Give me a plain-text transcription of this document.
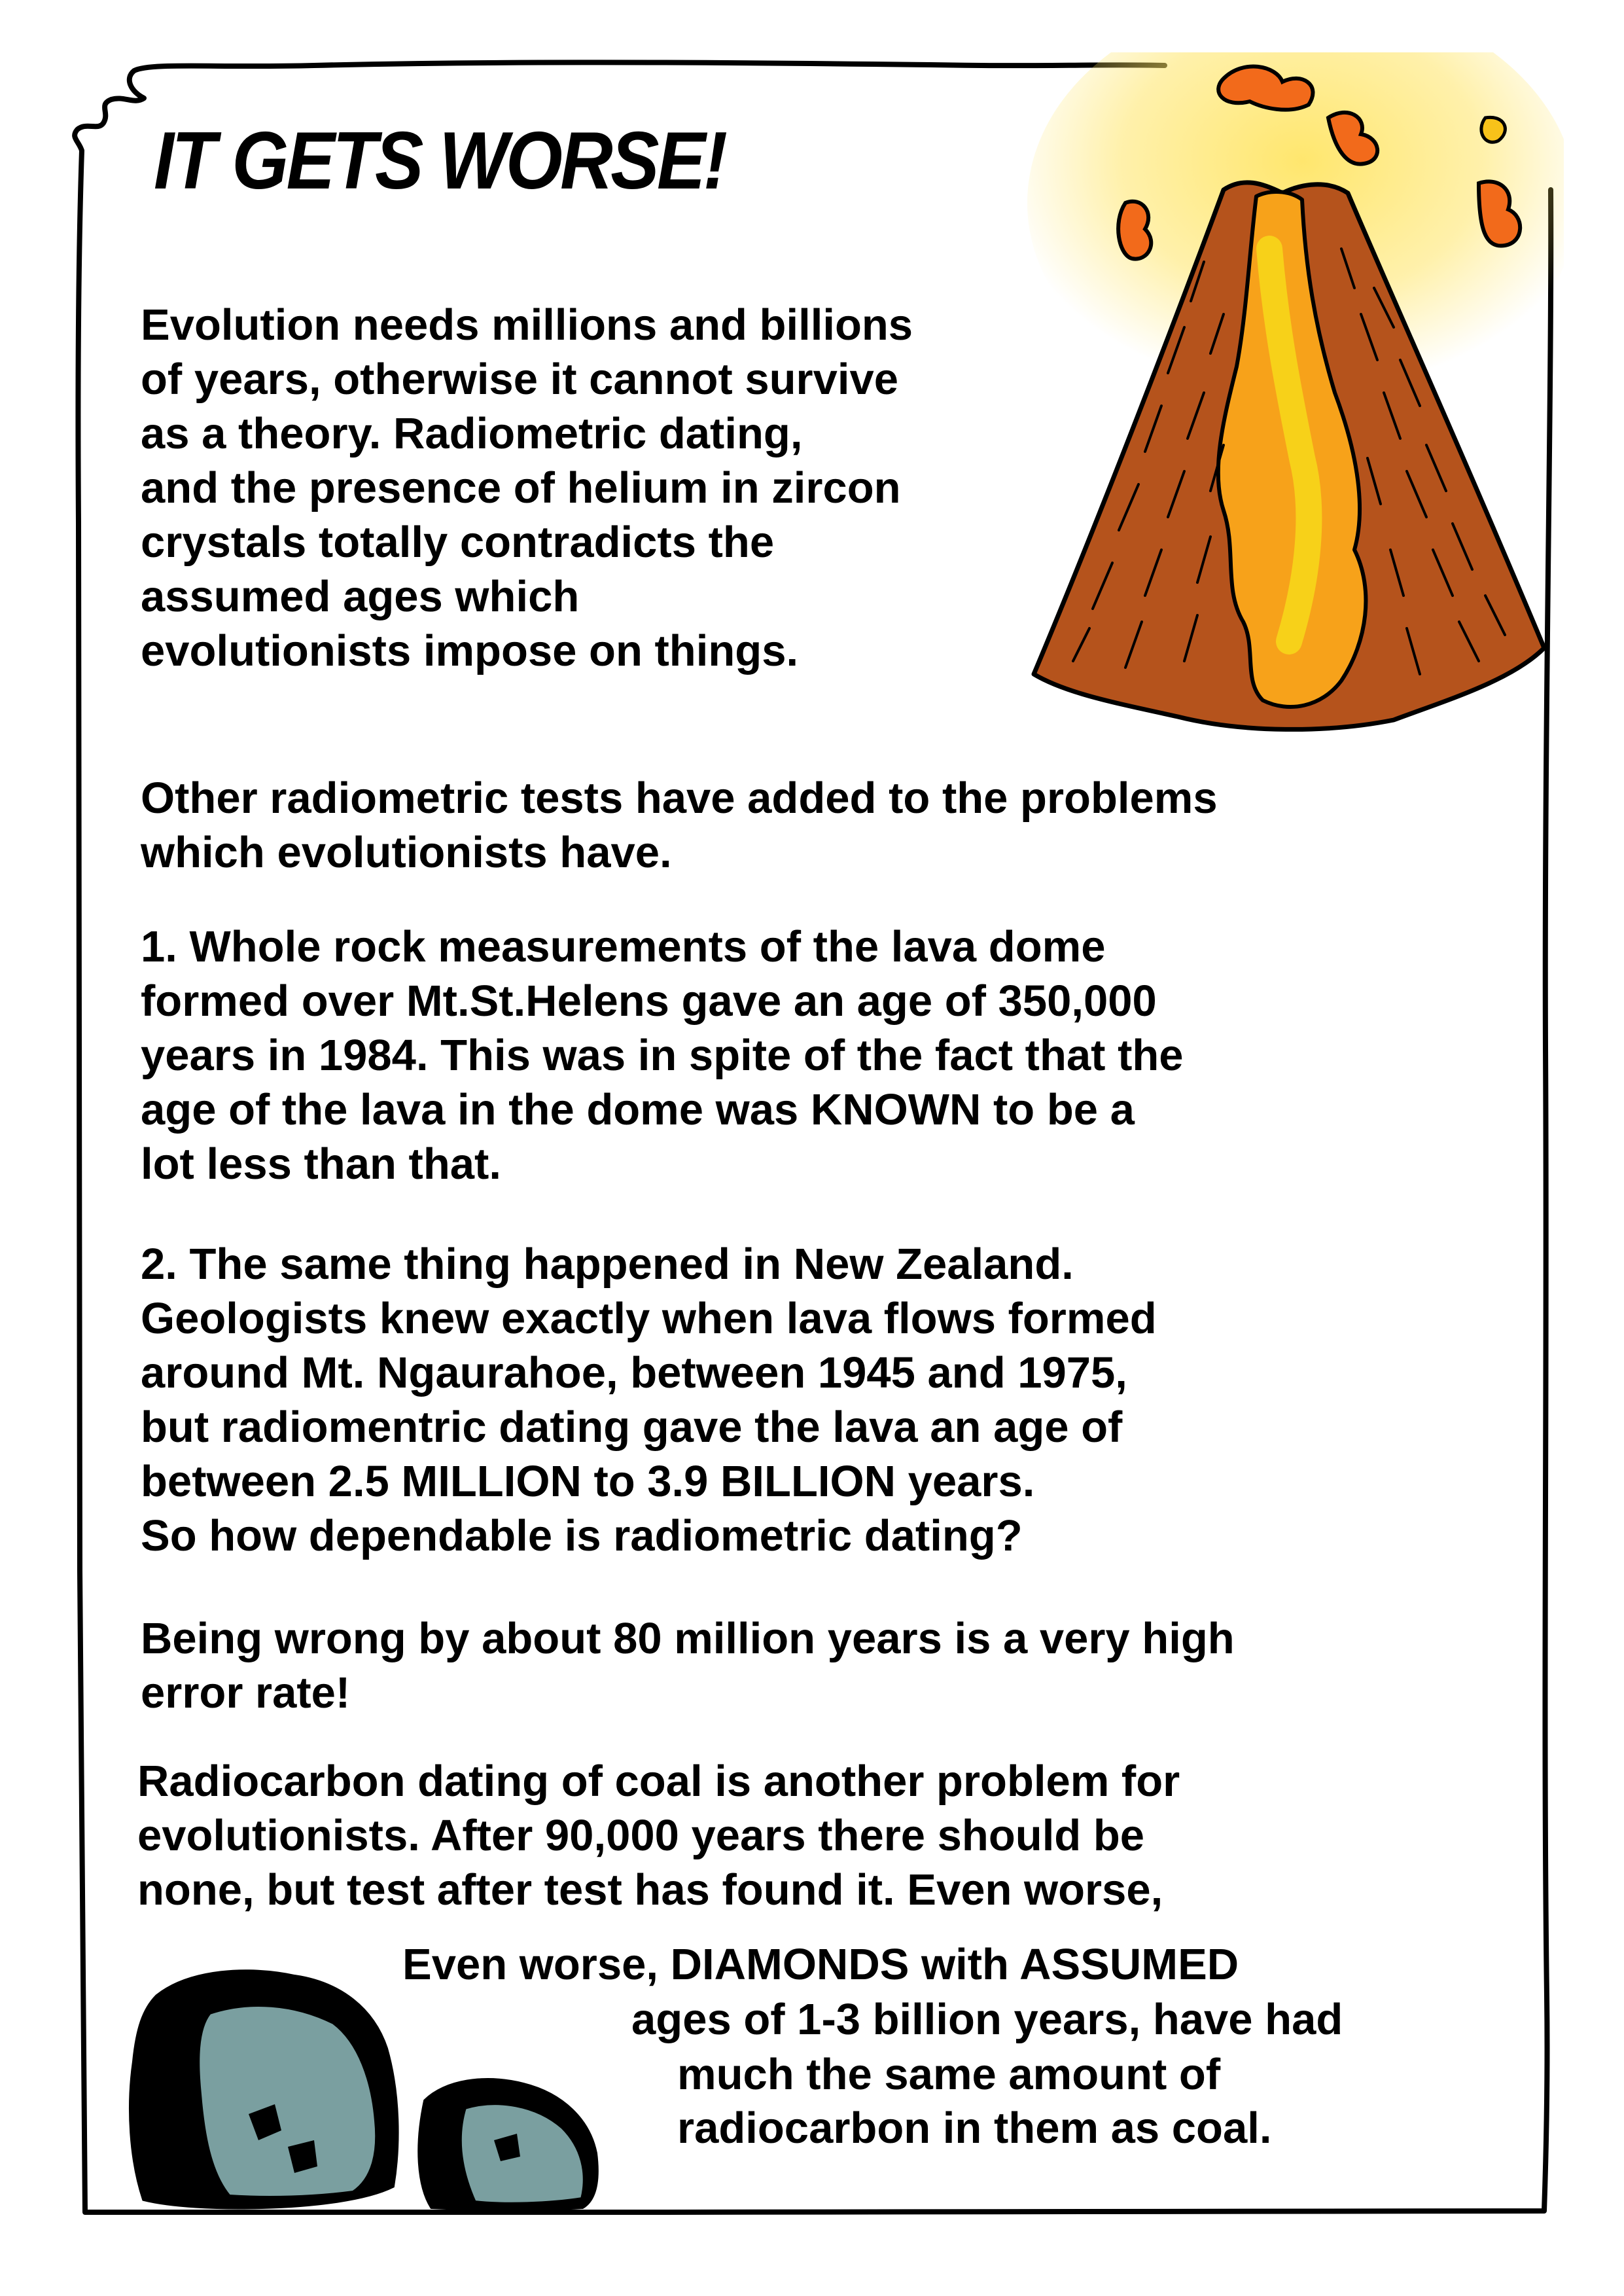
IT GETS WORSE!
Evolution needs millions and billions
of years, otherwise it cannot survive
as a theory. Radiometric dating,
and the presence of helium in zircon
crystals totally contradicts the
assumed ages which
evolutionists impose on things.
Other radiometric tests have added to the problems
which evolutionists have.
1. Whole rock measurements of the lava dome
formed over Mt.St.Helens gave an age of 350,000
years in 1984. This was in spite of the fact that the
age of the lava in the dome was KNOWN to be a
lot less than that.
2. The same thing happened in New Zealand.
Geologists knew exactly when lava flows formed
around Mt. Ngaurahoe, between 1945 and 1975,
but radiomentric dating gave the lava an age of
between 2.5 MILLION to 3.9 BILLION years.
So how dependable is radiometric dating?
Being wrong by about 80 million years is a very high
error rate!
Radiocarbon dating of coal is another problem for
evolutionists. After 90,000 years there should be
none, but test after test has found it. Even worse,

Even worse, DIAMONDS with ASSUMED

ages of 1-3 billion years, have had

much the same amount of

radiocarbon in them as coal.
